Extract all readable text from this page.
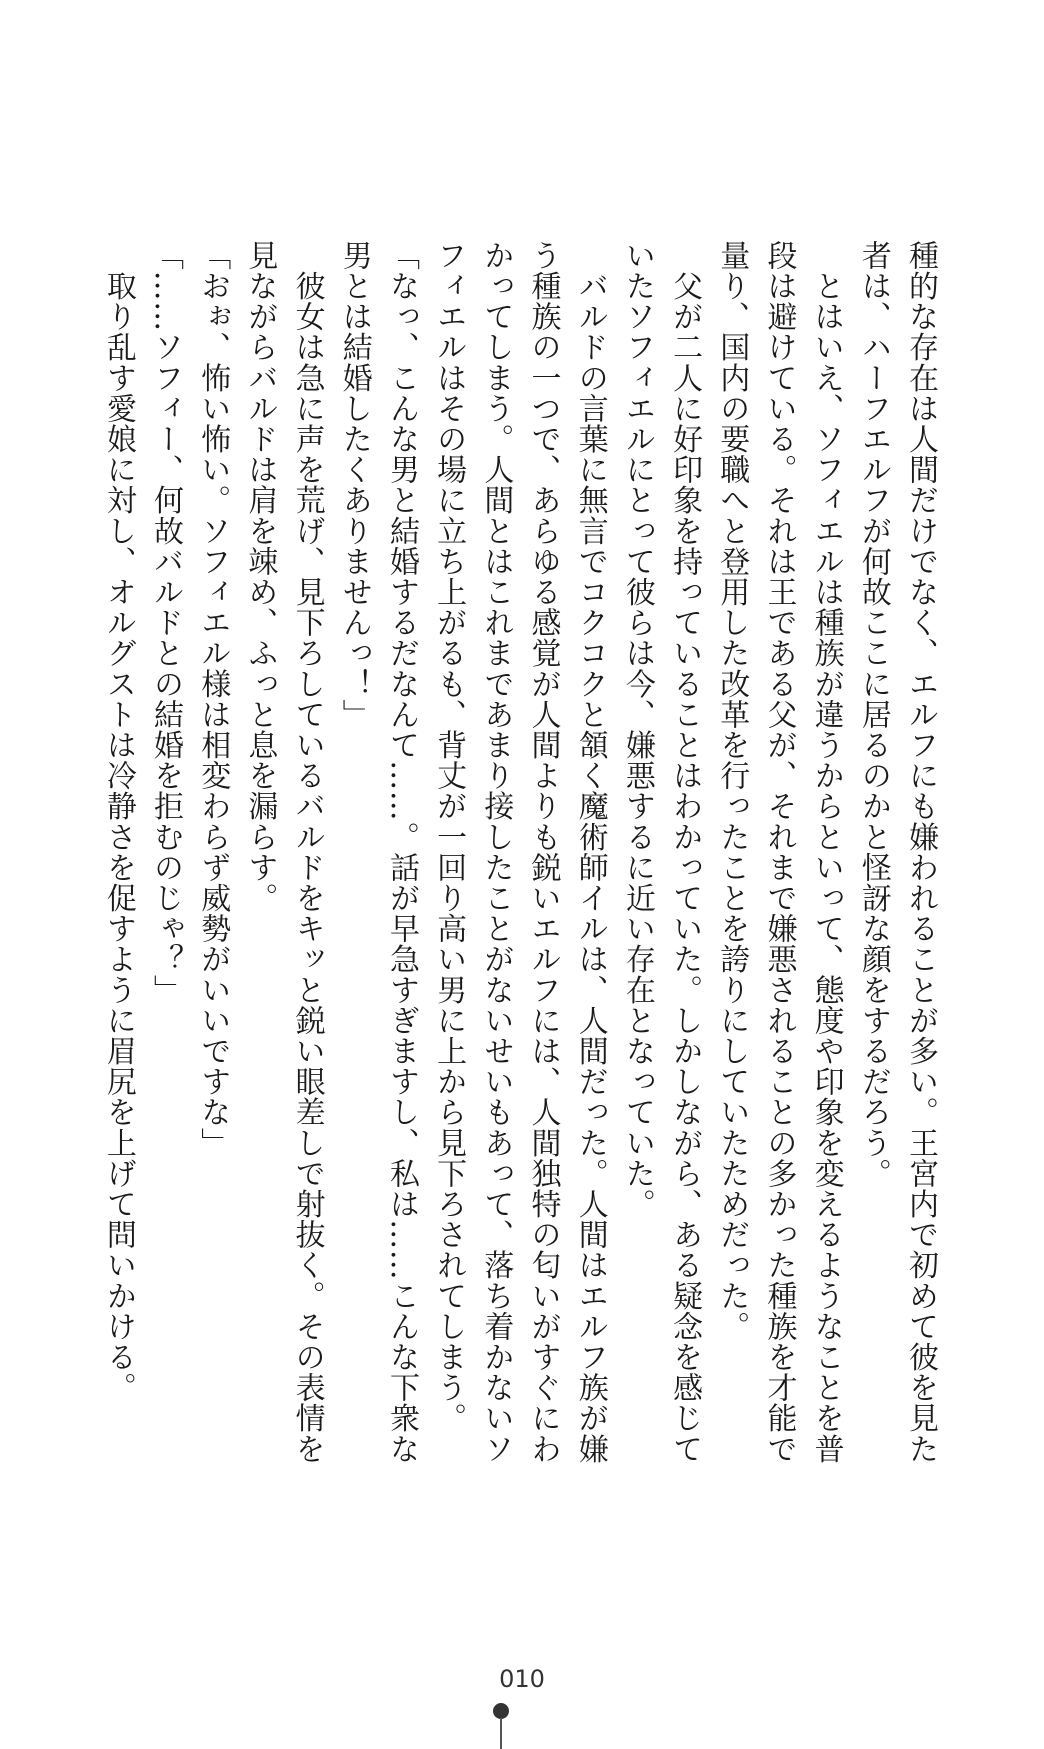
種的な存在は人間だけでなく、エルフにも嫌われることが多い。王宮内で初めて彼を見た
者は、ハーフエルフが何故ここに居るのかと怪訝な顔をするだろう。
　とはいえ、ソフィエルは種族が違うからといって、態度や印象を変えるようなことを普
段は避けている。それは王である父が、それまで嫌悪されることの多かった種族を才能で
量り、国内の要職へと登用した改革を行ったことを誇りにしていたためだった。
　父が二人に好印象を持っていることはわかっていた。しかしながら、ある疑念を感じて
いたソフィエルにとって彼らは今、嫌悪するに近い存在となっていた。
　バルドの言葉に無言でコクコクと頷く魔術師イルは、人間だった。人間はエルフ族が嫌
う種族の一つで、あらゆる感覚が人間よりも鋭いエルフには、人間独特の匂いがすぐにわ
かってしまう。人間とはこれまであまり接したことがないせいもあって、落ち着かないソ
フィエルはその場に立ち上がるも、背丈が一回り高い男に上から見下ろされてしまう。
「なっ、こんな男と結婚するだなんて……。話が早急すぎますし、私は……こんな下衆な
男とは結婚したくありませんっ！」
　彼女は急に声を荒げ、見下ろしているバルドをキッと鋭い眼差しで射抜く。その表情を
見ながらバルドは肩を竦め、ふっと息を漏らす。
「おぉ、怖い怖い。ソフィエル様は相変わらず威勢がいいですな」
「……ソフィー、何故バルドとの結婚を拒むのじゃ？」
　取り乱す愛娘に対し、オルグストは冷静さを促すように眉尻を上げて問いかける。
010
